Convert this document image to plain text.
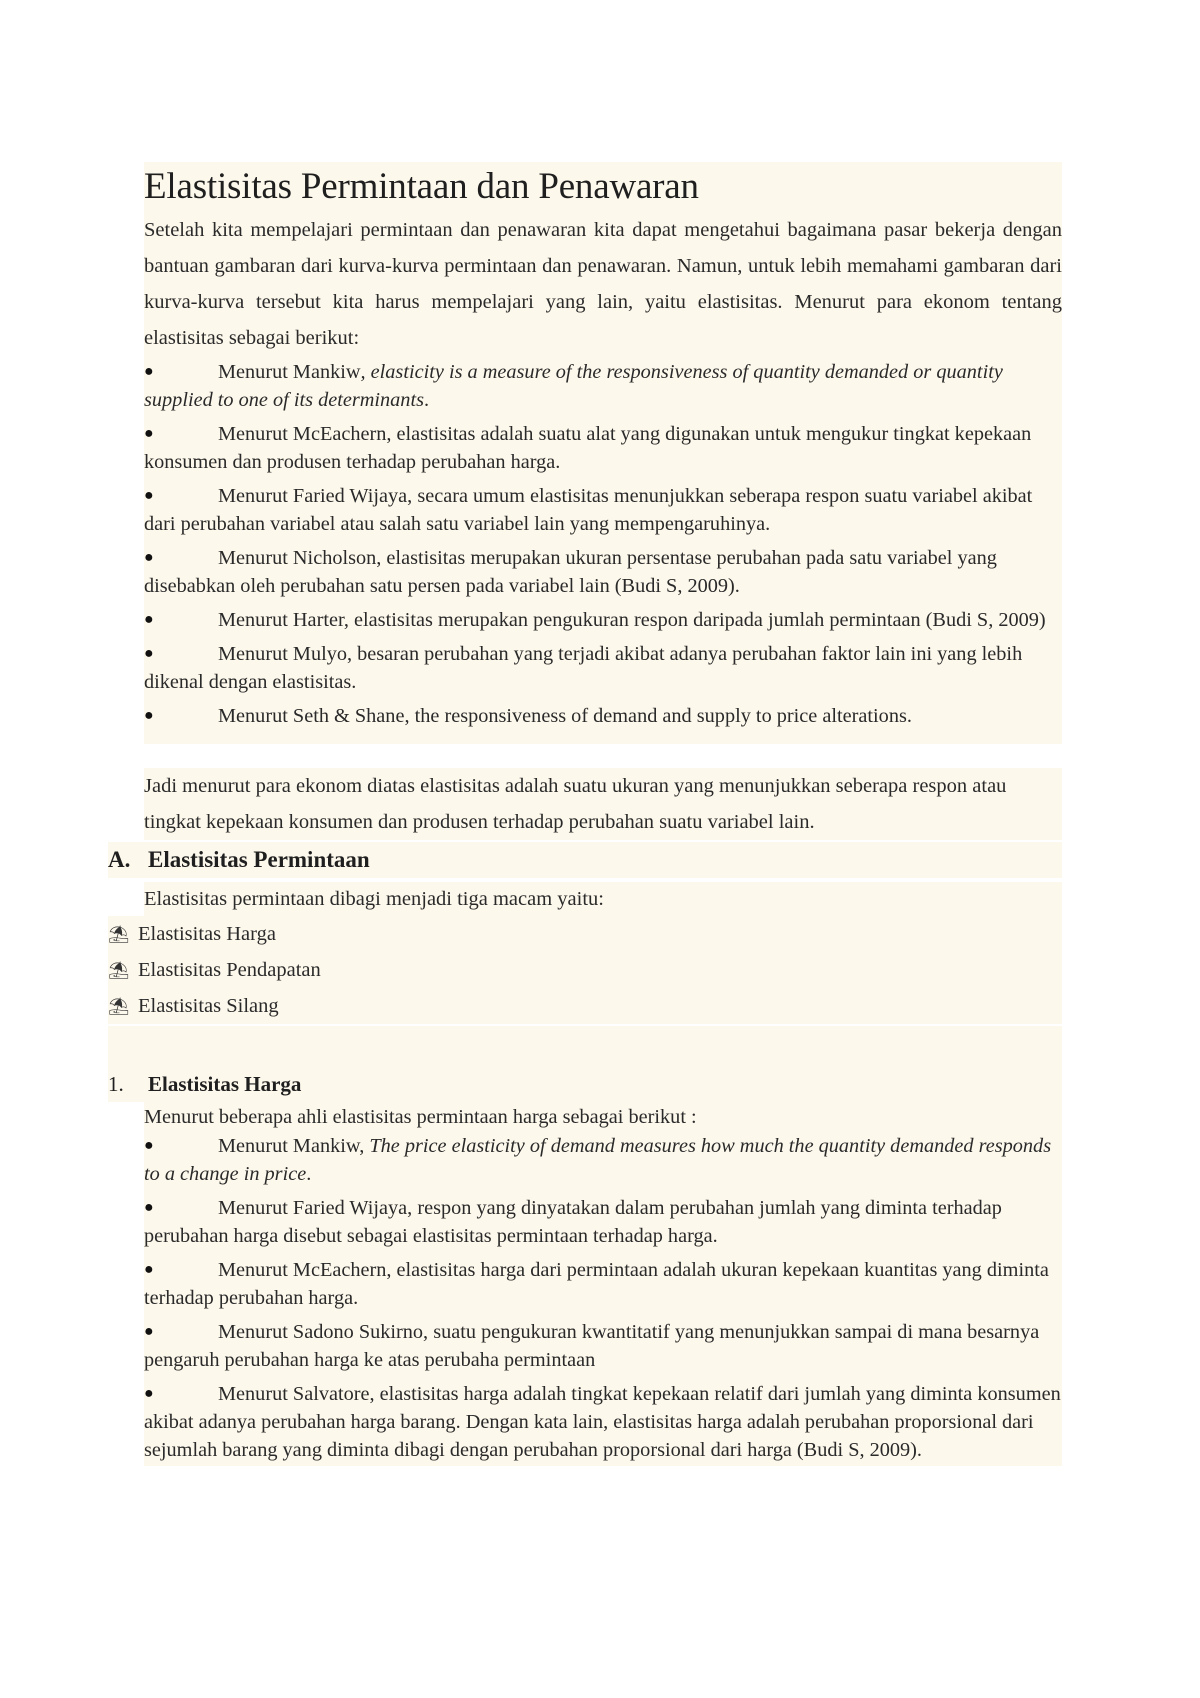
Elastisitas Permintaan dan Penawaran
Setelah kita mempelajari permintaan dan penawaran kita dapat mengetahui bagaimana pasar bekerja dengan bantuan gambaran dari kurva-kurva permintaan dan penawaran. Namun, untuk lebih memahami gambaran dari kurva-kurva tersebut kita harus mempelajari yang lain, yaitu elastisitas. Menurut para ekonom tentang elastisitas sebagai berikut:

●	Menurut Mankiw, elasticity is a measure of the responsiveness of quantity demanded or quantity supplied to one of its determinants.

●	Menurut McEachern, elastisitas adalah suatu alat yang digunakan untuk mengukur tingkat kepekaan konsumen dan produsen terhadap perubahan harga.

●	Menurut Faried Wijaya, secara umum elastisitas menunjukkan seberapa respon suatu variabel akibat dari perubahan variabel atau salah satu variabel lain yang mempengaruhinya.

●	Menurut Nicholson, elastisitas merupakan ukuran persentase perubahan pada satu variabel yang disebabkan oleh perubahan satu persen pada variabel lain (Budi S, 2009).

●	Menurut Harter, elastisitas merupakan pengukuran respon daripada jumlah permintaan (Budi S, 2009)

●	Menurut Mulyo, besaran perubahan yang terjadi akibat adanya perubahan faktor lain ini yang lebih dikenal dengan elastisitas.

●	Menurut Seth & Shane, the responsiveness of demand and supply to price alterations.

Jadi menurut para ekonom diatas elastisitas adalah suatu ukuran yang menunjukkan seberapa respon atau tingkat kepekaan konsumen dan produsen terhadap perubahan suatu variabel lain.
A. Elastisitas Permintaan
Elastisitas permintaan dibagi menjadi tiga macam yaitu:
⛱ Elastisitas Harga
⛱ Elastisitas Pendapatan
⛱ Elastisitas Silang
1. Elastisitas Harga
Menurut beberapa ahli elastisitas permintaan harga sebagai berikut :

●	Menurut Mankiw, The price elasticity of demand measures how much the quantity demanded responds to a change in price.

●	Menurut Faried Wijaya, respon yang dinyatakan dalam perubahan jumlah yang diminta terhadap perubahan harga disebut sebagai elastisitas permintaan terhadap harga.

●	Menurut McEachern, elastisitas harga dari permintaan adalah ukuran kepekaan kuantitas yang diminta terhadap perubahan harga.

●	Menurut Sadono Sukirno, suatu pengukuran kwantitatif yang menunjukkan sampai di mana besarnya pengaruh perubahan harga ke atas perubaha permintaan

●	Menurut Salvatore, elastisitas harga adalah tingkat kepekaan relatif dari jumlah yang diminta konsumen akibat adanya perubahan harga barang. Dengan kata lain, elastisitas harga adalah perubahan proporsional dari sejumlah barang yang diminta dibagi dengan perubahan proporsional dari harga (Budi S, 2009).
